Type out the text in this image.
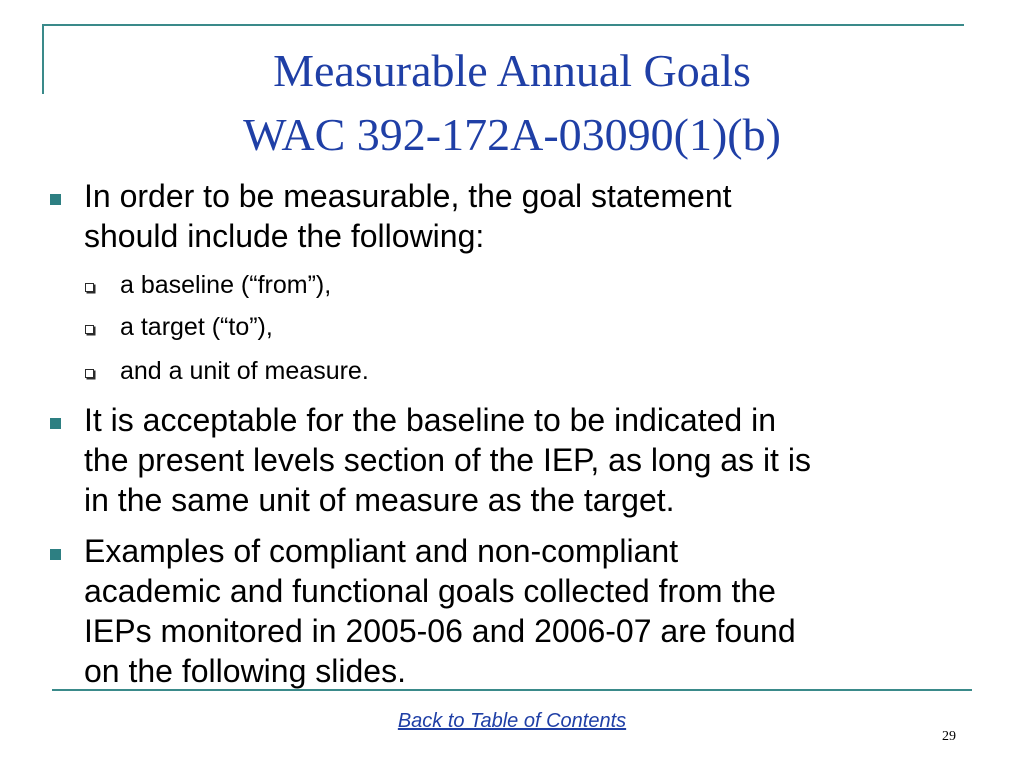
Measurable Annual Goals
WAC 392-172A-03090(1)(b)
In order to be measurable, the goal statement
should include the following:
a baseline (“from”),
a target (“to”),
and a unit of measure.
It is acceptable for the baseline to be indicated in
the present levels section of the IEP, as long as it is
in the same unit of measure as the target.
Examples of compliant and non-compliant
academic and functional goals collected from the
IEPs monitored in 2005-06 and 2006-07 are found
on the following slides.
Back to Table of Contents
29
